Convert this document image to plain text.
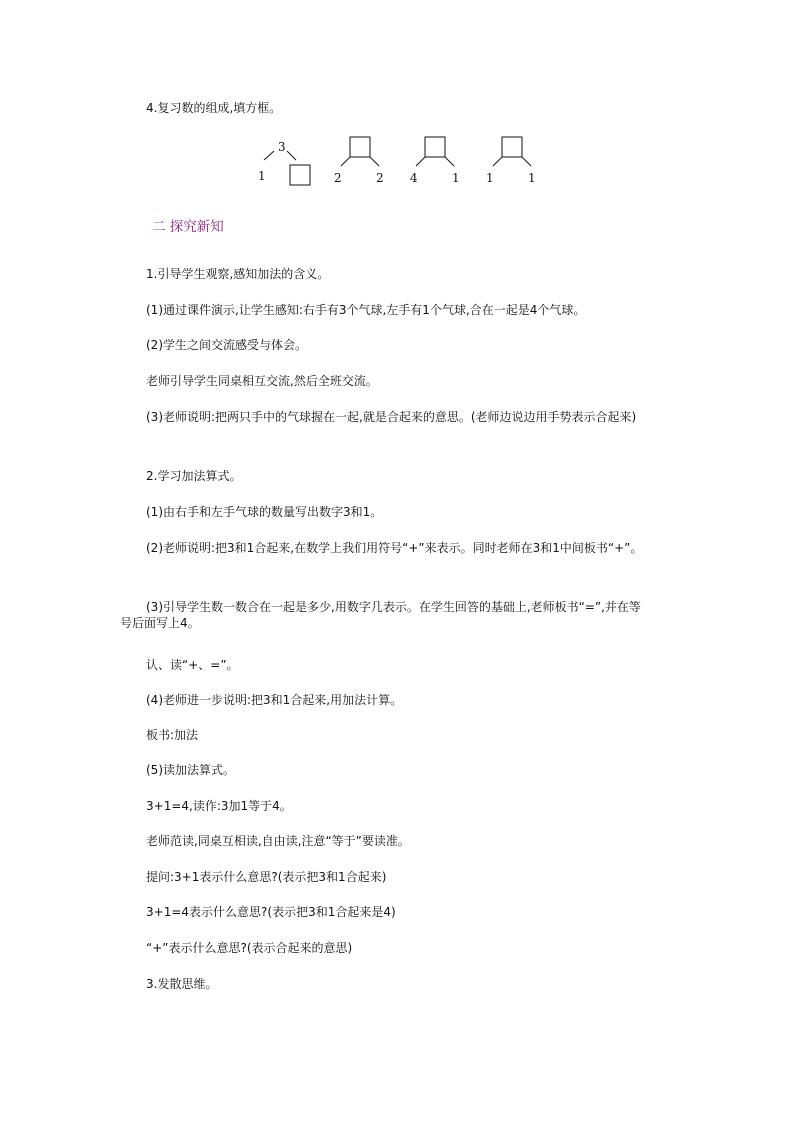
4.复习数的组成,填方框。

3
1	2	2 4	1 1	1

二 探究新知

1.引导学生观察,感知加法的含义。

(1)通过课件演示,让学生感知:右手有3个气球,左手有1个气球,合在一起是4个气球。

(2)学生之间交流感受与体会。

老师引导学生同桌相互交流,然后全班交流。

(3)老师说明:把两只手中的气球握在一起,就是合起来的意思。(老师边说边用手势表示合起来)

2.学习加法算式。

(1)由右手和左手气球的数量写出数字3和1。

(2)老师说明:把3和1合起来,在数学上我们用符号“+”来表示。同时老师在3和1中间板书“+”。

(3)引导学生数一数合在一起是多少,用数字几表示。在学生回答的基础上,老师板书“=”,并在等号后面写上4。

认、读“+、=”。

(4)老师进一步说明:把3和1合起来,用加法计算。

板书:加法

(5)读加法算式。

3+1=4,读作:3加1等于4。

老师范读,同桌互相读,自由读,注意“等于”要读准。

提问:3+1表示什么意思?(表示把3和1合起来)

3+1=4表示什么意思?(表示把3和1合起来是4)

“+”表示什么意思?(表示合起来的意思)

3.发散思维。
